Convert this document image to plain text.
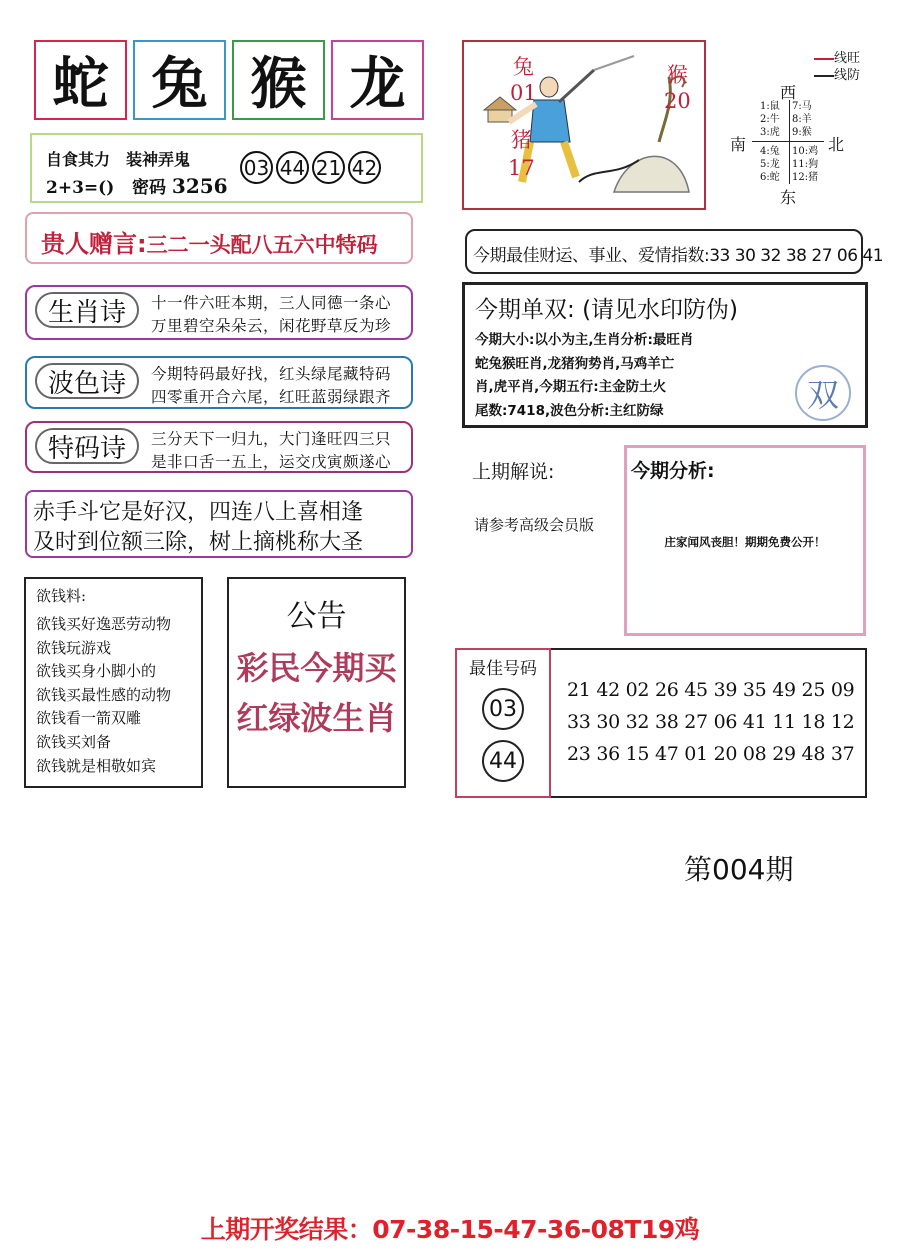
蛇 兔 猴 龙
自食其力　装神弄鬼
2+3=() 密码 3256
03 44 21 42
贵人赠言:三二一头配八五六中特码
生肖诗	十一件六旺本期，三人同德一条心
万里碧空朵朵云，闲花野草反为珍
波色诗	今期特码最好找，红头绿尾藏特码
四零重开合六尾，红旺蓝弱绿跟齐
特码诗	三分天下一归九，大门逢旺四三只
是非口舌一五上，运交戊寅颇遂心
赤手斗它是好汉，四连八上喜相逢
及时到位额三除，树上摘桃称大圣
欲钱料:
欲钱买好逸恶劳动物
欲钱玩游戏
欲钱买身小脚小的
欲钱买最性感的动物
欲钱看一箭双雕
欲钱买刘备
欲钱就是相敬如宾
公告
彩民今期买
红绿波生肖
兔
01
猪
17
猴
20
线旺
线防
西
南	北
东
1:鼠
2:牛
3:虎
7:马
8:羊
9:猴
4:兔
5:龙
6:蛇
10:鸡
11:狗
12:猪
今期最佳财运、事业、爱情指数:33 30 32 38 27 06 41
今期单双: (请见水印防伪)
今期大小:以小为主,生肖分析:最旺肖
蛇兔猴旺肖,龙猪狗势肖,马鸡羊亡
肖,虎平肖,今期五行:主金防土火
尾数:7418,波色分析:主红防绿	双
上期解说:
请参考高级会员版
今期分析:
庄家闻风丧胆！期期免费公开！
最佳号码
03
44
21 42 02 26 45 39 35 49 25 09
33 30 32 38 27 06 41 11 18 12
23 36 15 47 01 20 08 29 48 37
第004期
上期开奖结果：07-38-15-47-36-08T19鸡
